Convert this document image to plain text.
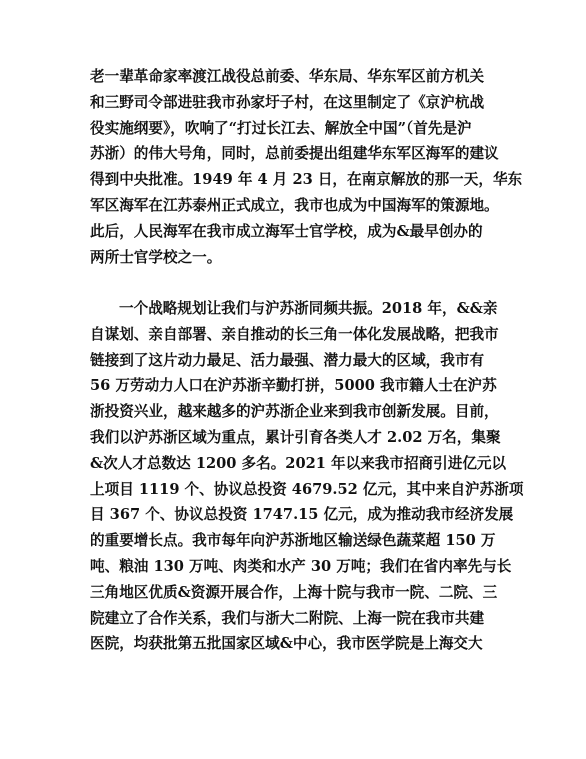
老一辈革命家率渡江战役总前委、华东局、华东军区前方机关
和三野司令部进驻我市孙家圩子村，在这里制定了《京沪杭战
役实施纲要》，吹响了“打过长江去、解放全中国”（首先是沪
苏浙）的伟大号角，同时，总前委提出组建华东军区海军的建议
得到中央批准。1949 年 4 月 23 日，在南京解放的那一天，华东
军区海军在江苏泰州正式成立，我市也成为中国海军的策源地。
此后，人民海军在我市成立海军士官学校，成为&最早创办的
两所士官学校之一。
一个战略规划让我们与沪苏浙同频共振。2018 年，&&亲
自谋划、亲自部署、亲自推动的长三角一体化发展战略，把我市
链接到了这片动力最足、活力最强、潜力最大的区域，我市有
56 万劳动力人口在沪苏浙辛勤打拼，5000 我市籍人士在沪苏
浙投资兴业，越来越多的沪苏浙企业来到我市创新发展。目前，
我们以沪苏浙区域为重点，累计引育各类人才 2.02 万名，集聚
&次人才总数达 1200 多名。2021 年以来我市招商引进亿元以
上项目 1119 个、协议总投资 4679.52 亿元，其中来自沪苏浙项
目 367 个、协议总投资 1747.15 亿元，成为推动我市经济发展
的重要增长点。我市每年向沪苏浙地区输送绿色蔬菜超 150 万
吨、粮油 130 万吨、肉类和水产 30 万吨；我们在省内率先与长
三角地区优质&资源开展合作，上海十院与我市一院、二院、三
院建立了合作关系，我们与浙大二附院、上海一院在我市共建
医院，均获批第五批国家区域&中心，我市医学院是上海交大
